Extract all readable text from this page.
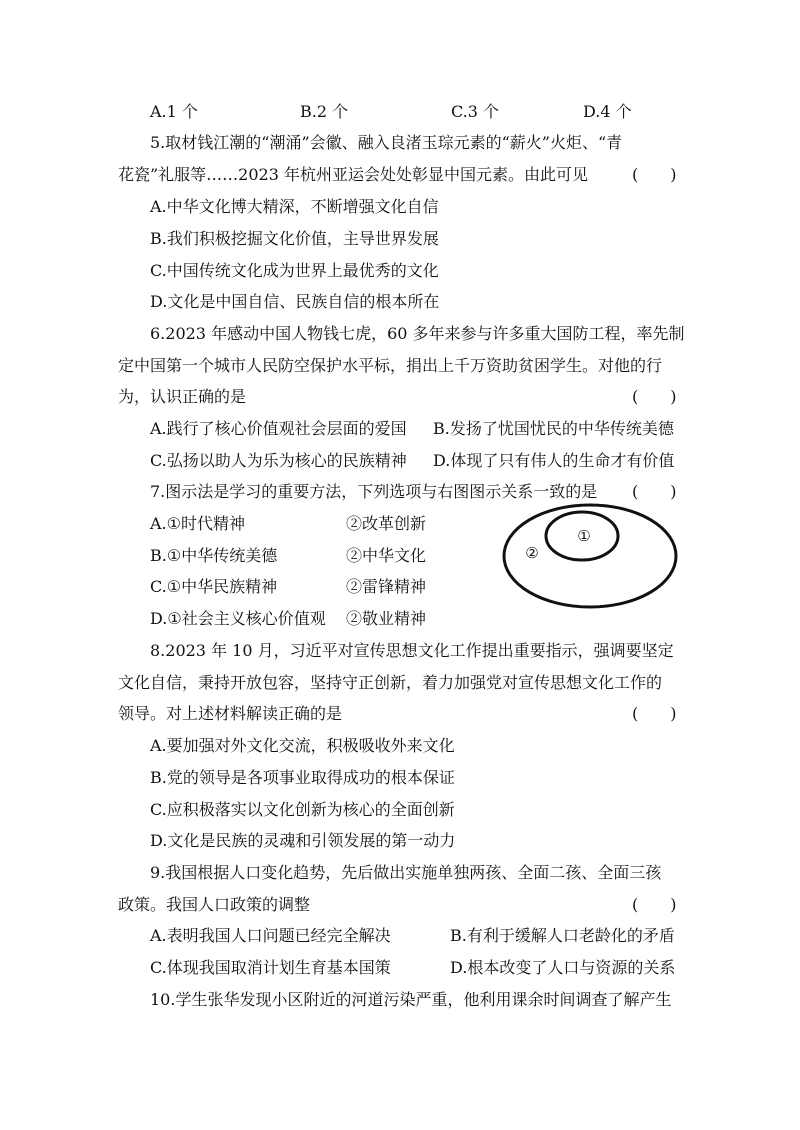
A.1 个	B.2 个	C.3 个	D.4 个
5.取材钱江潮的“潮涌”会徽、融入良渚玉琮元素的“薪火”火炬、“青
花瓷”礼服等……2023 年杭州亚运会处处彰显中国元素。由此可见	(　　)
A.中华文化博大精深，不断增强文化自信
B.我们积极挖掘文化价值，主导世界发展
C.中国传统文化成为世界上最优秀的文化
D.文化是中国自信、民族自信的根本所在
6.2023 年感动中国人物钱七虎，60 多年来参与许多重大国防工程，率先制
定中国第一个城市人民防空保护水平标，捐出上千万资助贫困学生。对他的行
为，认识正确的是	(　　)
A.践行了核心价值观社会层面的爱国 B.发扬了忧国忧民的中华传统美德
C.弘扬以助人为乐为核心的民族精神 D.体现了只有伟人的生命才有价值
7.图示法是学习的重要方法，下列选项与右图图示关系一致的是 (　　)
A.①时代精神	②改革创新
B.①中华传统美德	②中华文化
C.①中华民族精神	②雷锋精神
D.①社会主义核心价值观 ②敬业精神
①
②
8.2023 年 10 月，习近平对宣传思想文化工作提出重要指示，强调要坚定
文化自信，秉持开放包容，坚持守正创新，着力加强党对宣传思想文化工作的
领导。对上述材料解读正确的是	(　　)
A.要加强对外文化交流，积极吸收外来文化
B.党的领导是各项事业取得成功的根本保证
C.应积极落实以文化创新为核心的全面创新
D.文化是民族的灵魂和引领发展的第一动力
9.我国根据人口变化趋势，先后做出实施单独两孩、全面二孩、全面三孩
政策。我国人口政策的调整	(　　)
A.表明我国人口问题已经完全解决	B.有利于缓解人口老龄化的矛盾
C.体现我国取消计划生育基本国策	D.根本改变了人口与资源的关系
10.学生张华发现小区附近的河道污染严重，他利用课余时间调查了解产生
